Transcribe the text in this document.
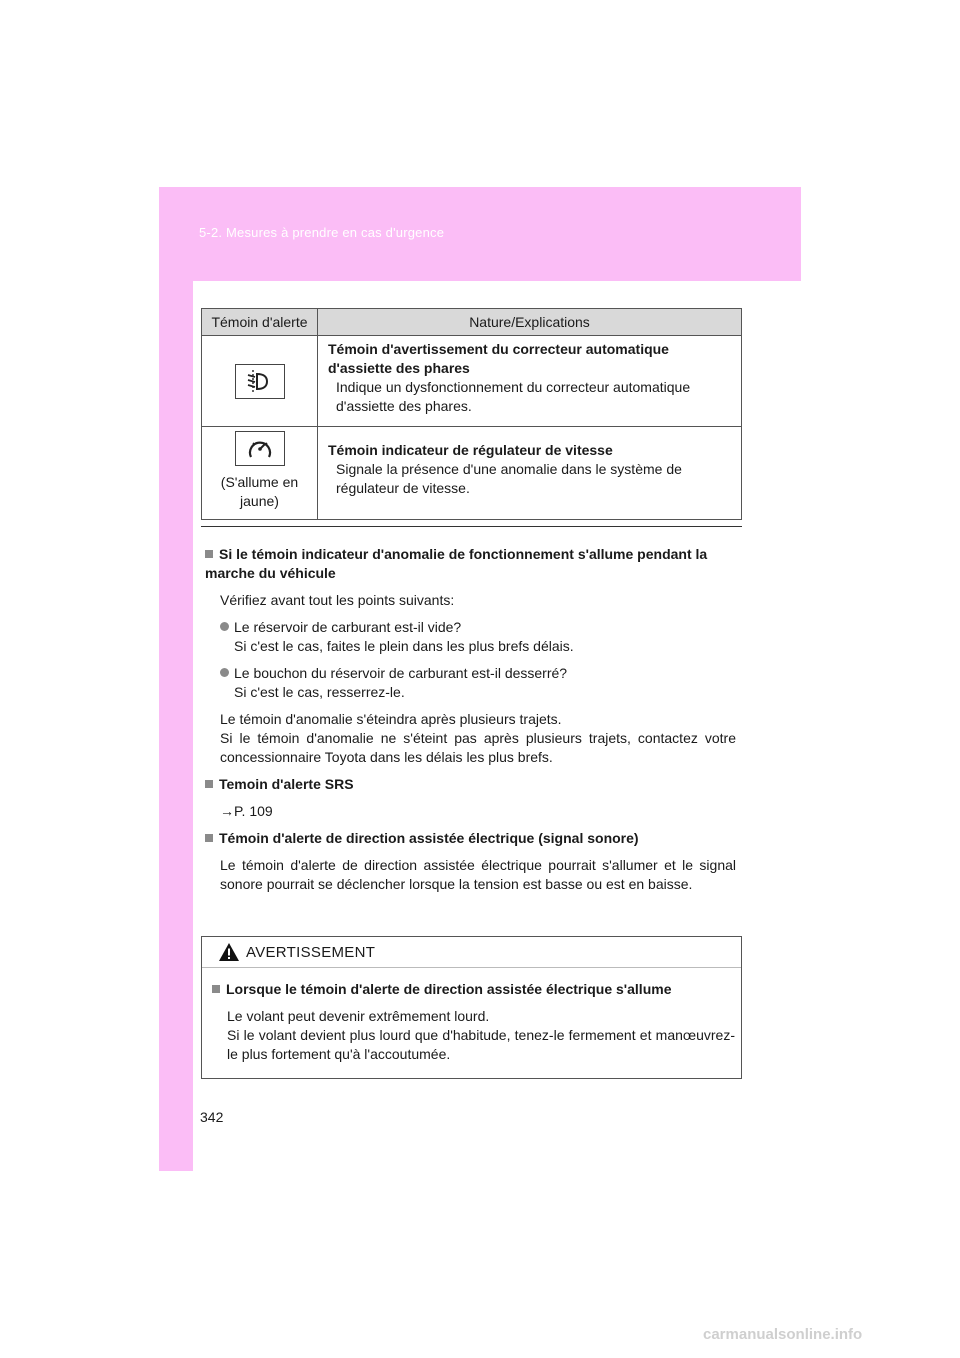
5-2. Mesures à prendre en cas d'urgence
Témoin d'alerte	Nature/Explications

Témoin d'avertissement du correcteur automatique d'assiette des phares
Indique un dysfonctionnement du correcteur automatique d'assiette des phares.

(S'allume en jaune)	Témoin indicateur de régulateur de vitesse
Signale la présence d'une anomalie dans le système de régulateur de vitesse.
Si le témoin indicateur d'anomalie de fonctionnement s'allume pendant la marche du véhicule
Vérifiez avant tout les points suivants:
Le réservoir de carburant est-il vide?
Si c'est le cas, faites le plein dans les plus brefs délais.
Le bouchon du réservoir de carburant est-il desserré?
Si c'est le cas, resserrez-le.
Le témoin d'anomalie s'éteindra après plusieurs trajets.
Si le témoin d'anomalie ne s'éteint pas après plusieurs trajets, contactez votre concessionnaire Toyota dans les délais les plus brefs.
Temoin d'alerte SRS
→P. 109
Témoin d'alerte de direction assistée électrique (signal sonore)
Le témoin d'alerte de direction assistée électrique pourrait s'allumer et le signal sonore pourrait se déclencher lorsque la tension est basse ou est en baisse.
AVERTISSEMENT
Lorsque le témoin d'alerte de direction assistée électrique s'allume
Le volant peut devenir extrêmement lourd.
Si le volant devient plus lourd que d'habitude, tenez-le fermement et manœuvrez-le plus fortement qu'à l'accoutumée.
342
carmanualsonline.info
